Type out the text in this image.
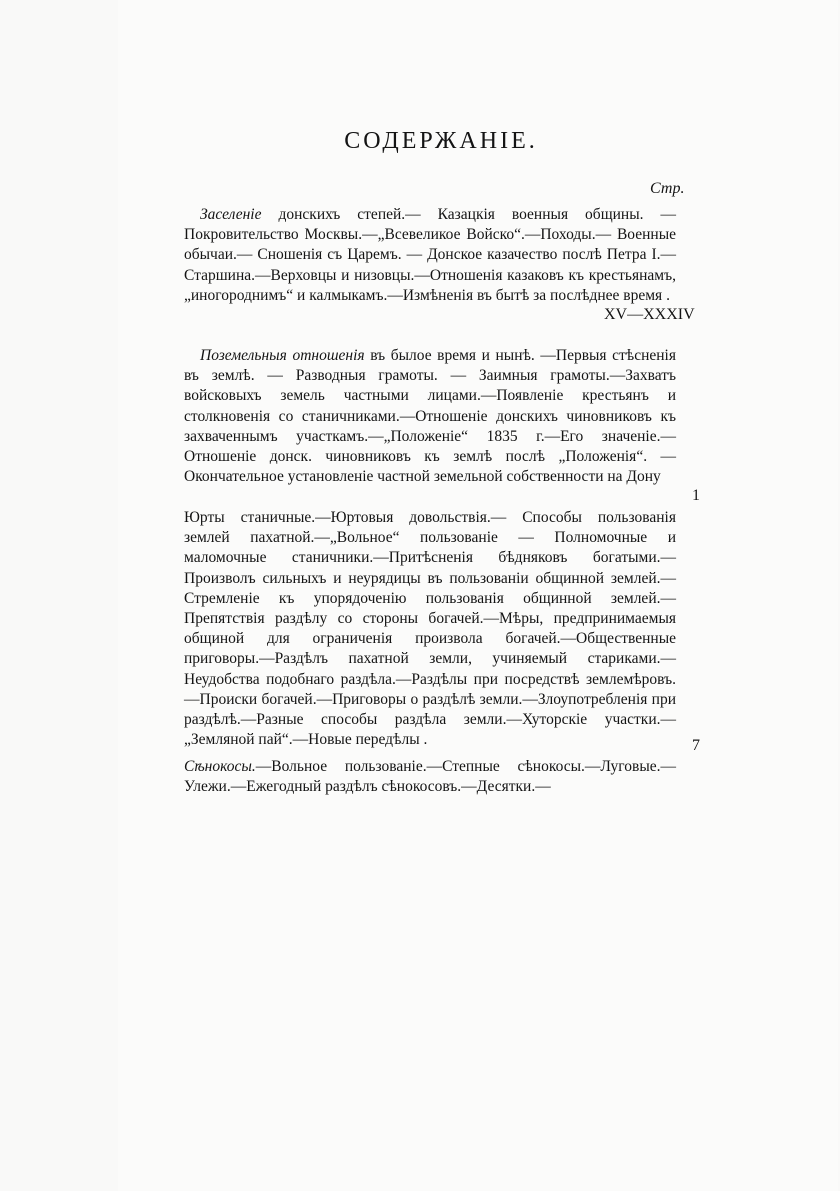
СОДЕРЖАНІЕ.
Стр.
Заселеніе донскихъ степей.— Казацкія военныя общины. — Покровительство Москвы.—„Всевеликое Войско“.—Походы.— Военные обычаи.— Сношенія съ Царемъ. — Донское казачество послѣ Петра I.—Старшина.—Верховцы и низовцы.—Отношенія казаковъ къ крестьянамъ, „иногороднимъ“ и калмыкамъ.—Измѣненія въ бытѣ за послѣднее время .
XV—XXXIV
Поземельныя отношенія въ былое время и нынѣ. —Первыя стѣсненія въ землѣ. — Разводныя грамоты. — Заимныя грамоты.—Захватъ войсковыхъ земель частными лицами.—Появленіе крестьянъ и столкновенія со станичниками.—Отношеніе донскихъ чиновниковъ къ захваченнымъ участкамъ.—„Положеніе“ 1835 г.—Его значеніе.—Отношеніе донск. чиновниковъ къ землѣ послѣ „Положенія“. — Окончательное установленіе частной земельной собственности на Дону
1
Юрты станичные.—Юртовыя довольствія.— Способы пользованія землей пахатной.—„Вольное“ пользованіе — Полномочные и маломочные станичники.—Притѣсненія бѣдняковъ богатыми.—Произволъ сильныхъ и неурядицы въ пользованіи общинной землей.—Стремленіе къ упорядоченію пользованія общинной землей.—Препятствія раздѣлу со стороны богачей.—Мѣры, предпринимаемыя общиной для ограниченія произвола богачей.—Общественные приговоры.—Раздѣлъ пахатной земли, учиняемый стариками.—Неудобства подобнаго раздѣла.—Раздѣлы при посредствѣ землемѣровъ.—Происки богачей.—Приговоры о раздѣлѣ земли.—Злоупотребленія при раздѣлѣ.—Разные способы раздѣла земли.—Хуторскіе участки.—„Земляной пай“.—Новые передѣлы .	7
Сѣнокосы.—Вольное пользованіе.—Степные сѣнокосы.—Луговые.— Улежи.—Ежегодный раздѣлъ сѣнокосовъ.—Десятки.—
